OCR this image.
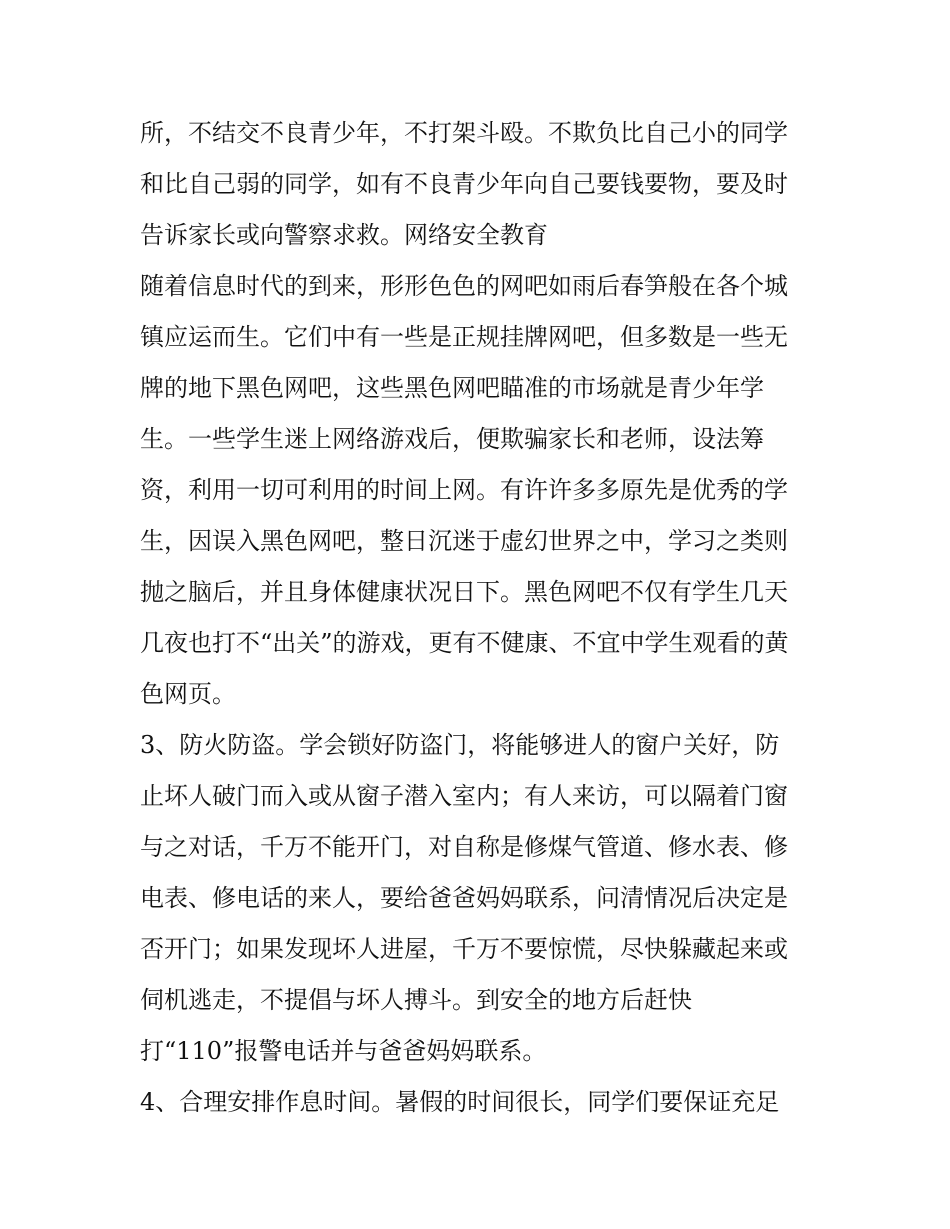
所，不结交不良青少年，不打架斗殴。不欺负比自己小的同学
和比自己弱的同学，如有不良青少年向自己要钱要物，要及时
告诉家长或向警察求救。网络安全教育
随着信息时代的到来，形形色色的网吧如雨后春笋般在各个城
镇应运而生。它们中有一些是正规挂牌网吧，但多数是一些无
牌的地下黑色网吧，这些黑色网吧瞄准的市场就是青少年学
生。一些学生迷上网络游戏后，便欺骗家长和老师，设法筹
资，利用一切可利用的时间上网。有许许多多原先是优秀的学
生，因误入黑色网吧，整日沉迷于虚幻世界之中，学习之类则
抛之脑后，并且身体健康状况日下。黑色网吧不仅有学生几天
几夜也打不“出关”的游戏，更有不健康、不宜中学生观看的黄
色网页。
3、防火防盗。学会锁好防盗门，将能够进人的窗户关好，防
止坏人破门而入或从窗子潜入室内；有人来访，可以隔着门窗
与之对话，千万不能开门，对自称是修煤气管道、修水表、修
电表、修电话的来人，要给爸爸妈妈联系，问清情况后决定是
否开门；如果发现坏人进屋，千万不要惊慌，尽快躲藏起来或
伺机逃走，不提倡与坏人搏斗。到安全的地方后赶快
打“110”报警电话并与爸爸妈妈联系。
4、合理安排作息时间。暑假的时间很长，同学们要保证充足
